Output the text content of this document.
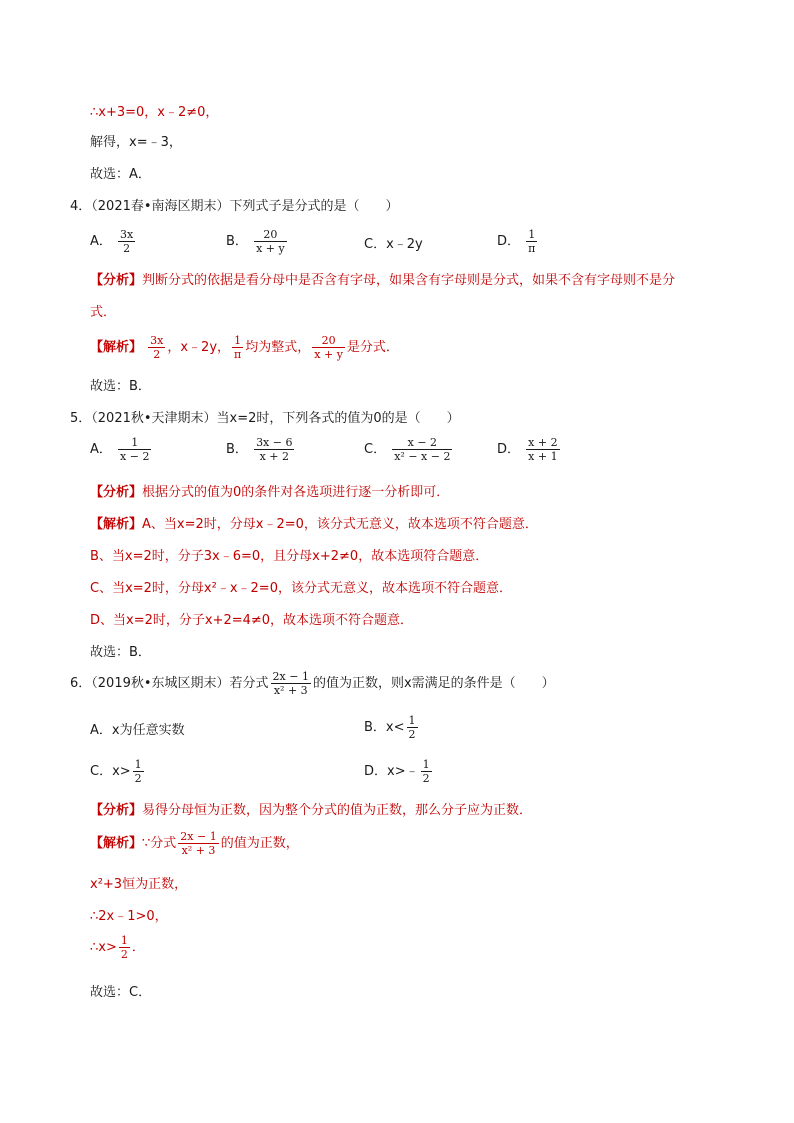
∴x+3=0，x﹣2≠0，
解得，x=﹣3，
故选：A．
4．（2021春•南海区期末）下列式子是分式的是（　　）
A． $\frac{3x}{2}$	B． $\frac{20}{x + y}$	C．x﹣2y	D． $\frac{1}{\pi}$
【分析】判断分式的依据是看分母中是否含有字母，如果含有字母则是分式，如果不含有字母则不是分
式．
【解析】 $\frac{3x}{2}$ ，x﹣2y， $\frac{1}{\pi}$ 均为整式， $\frac{20}{x + y}$ 是分式．
故选：B．
5．（2021秋•天津期末）当x=2时，下列各式的值为0的是（　　）
A． $\frac{1}{x - 2}$	B． $\frac{3x - 6}{x + 2}$	C． $\frac{x - 2}{\text{x² − x − 2}}$	D． $\frac{x + 2}{x + 1}$
【分析】根据分式的值为0的条件对各选项进行逐一分析即可．
【解析】A、当x=2时，分母x﹣2=0，该分式无意义，故本选项不符合题意．
B、当x=2时，分子3x﹣6=0，且分母x+2≠0，故本选项符合题意．
C、当x=2时，分母x²﹣x﹣2=0，该分式无意义，故本选项不符合题意．
D、当x=2时，分子x+2=4≠0，故本选项不符合题意．
故选：B．
6．（2019秋•东城区期末）若分式 $\frac{2x - 1}{\text{x² + 3}}$ 的值为正数，则x需满足的条件是（　　）
A．x为任意实数	B．$x< \frac{1}{2}$
C．$x> \frac{1}{2}$	D．x>﹣ $\frac{1}{2}$
【分析】易得分母恒为正数，因为整个分式的值为正数，那么分子应为正数．
【解析】∵分式 $\frac{2x - 1}{\text{x² + 3}}$ 的值为正数，
x²+3恒为正数，
∴2x﹣1>0，
∴x> $\frac{1}{2}$ ．
故选：C．
